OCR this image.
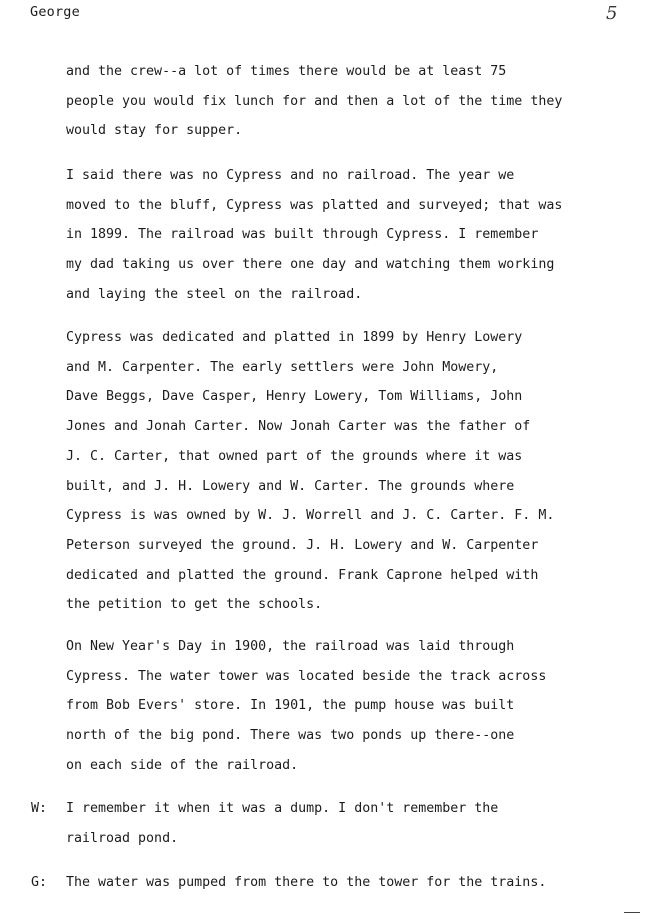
George	5

and the crew--a lot of times there would be at least 75
people you would fix lunch for and then a lot of the time they
would stay for supper.

I said there was no Cypress and no railroad. The year we
moved to the bluff, Cypress was platted and surveyed; that was
in 1899. The railroad was built through Cypress. I remember
my dad taking us over there one day and watching them working
and laying the steel on the railroad.

Cypress was dedicated and platted in 1899 by Henry Lowery
and M. Carpenter. The early settlers were John Mowery,
Dave Beggs, Dave Casper, Henry Lowery, Tom Williams, John
Jones and Jonah Carter. Now Jonah Carter was the father of
J. C. Carter, that owned part of the grounds where it was
built, and J. H. Lowery and W. Carter. The grounds where
Cypress is was owned by W. J. Worrell and J. C. Carter. F. M.
Peterson surveyed the ground. J. H. Lowery and W. Carpenter
dedicated and platted the ground. Frank Caprone helped with
the petition to get the schools.

On New Year's Day in 1900, the railroad was laid through
Cypress. The water tower was located beside the track across
from Bob Evers' store. In 1901, the pump house was built
north of the big pond. There was two ponds up there--one
on each side of the railroad.

W: I remember it when it was a dump. I don't remember the
railroad pond.

G: The water was pumped from there to the tower for the trains.
